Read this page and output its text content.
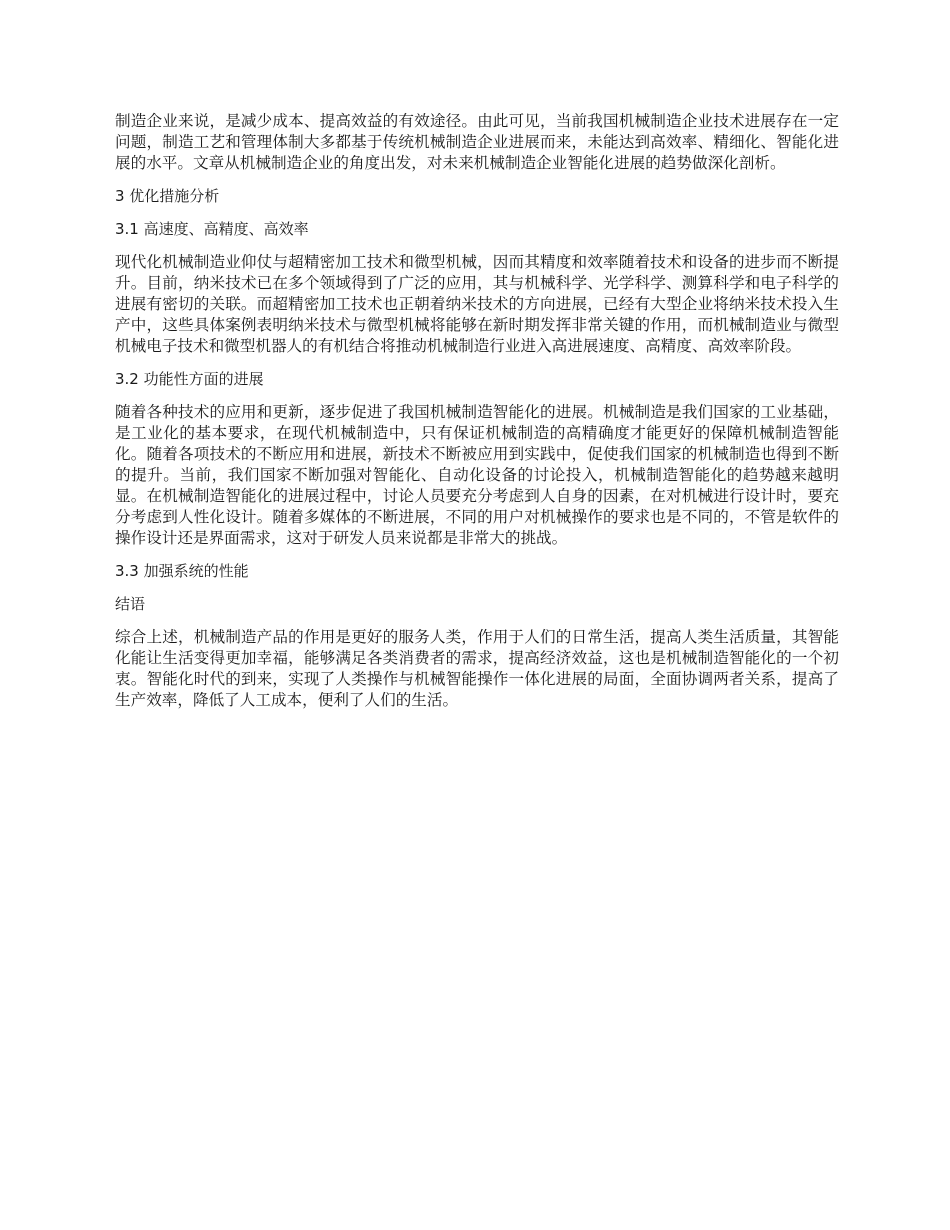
制造企业来说，是减少成本、提高效益的有效途径。由此可见，当前我国机械制造企业技术进展存在一定问题，制造工艺和管理体制大多都基于传统机械制造企业进展而来，未能达到高效率、精细化、智能化进展的水平。文章从机械制造企业的角度出发，对未来机械制造企业智能化进展的趋势做深化剖析。

3 优化措施分析
3.1 高速度、高精度、高效率

现代化机械制造业仰仗与超精密加工技术和微型机械，因而其精度和效率随着技术和设备的进步而不断提升。目前，纳米技术已在多个领域得到了广泛的应用，其与机械科学、光学科学、测算科学和电子科学的进展有密切的关联。而超精密加工技术也正朝着纳米技术的方向进展，已经有大型企业将纳米技术投入生产中，这些具体案例表明纳米技术与微型机械将能够在新时期发挥非常关键的作用，而机械制造业与微型机械电子技术和微型机器人的有机结合将推动机械制造行业进入高进展速度、高精度、高效率阶段。

3.2 功能性方面的进展

随着各种技术的应用和更新，逐步促进了我国机械制造智能化的进展。机械制造是我们国家的工业基础，是工业化的基本要求，在现代机械制造中，只有保证机械制造的高精确度才能更好的保障机械制造智能化。随着各项技术的不断应用和进展，新技术不断被应用到实践中，促使我们国家的机械制造也得到不断的提升。当前，我们国家不断加强对智能化、自动化设备的讨论投入，机械制造智能化的趋势越来越明显。在机械制造智能化的进展过程中，讨论人员要充分考虑到人自身的因素，在对机械进行设计时，要充分考虑到人性化设计。随着多媒体的不断进展，不同的用户对机械操作的要求也是不同的，不管是软件的操作设计还是界面需求，这对于研发人员来说都是非常大的挑战。

3.3 加强系统的性能
结语

综合上述，机械制造产品的作用是更好的服务人类，作用于人们的日常生活，提高人类生活质量，其智能化能让生活变得更加幸福，能够满足各类消费者的需求，提高经济效益，这也是机械制造智能化的一个初衷。智能化时代的到来，实现了人类操作与机械智能操作一体化进展的局面，全面协调两者关系，提高了生产效率，降低了人工成本，便利了人们的生活。
